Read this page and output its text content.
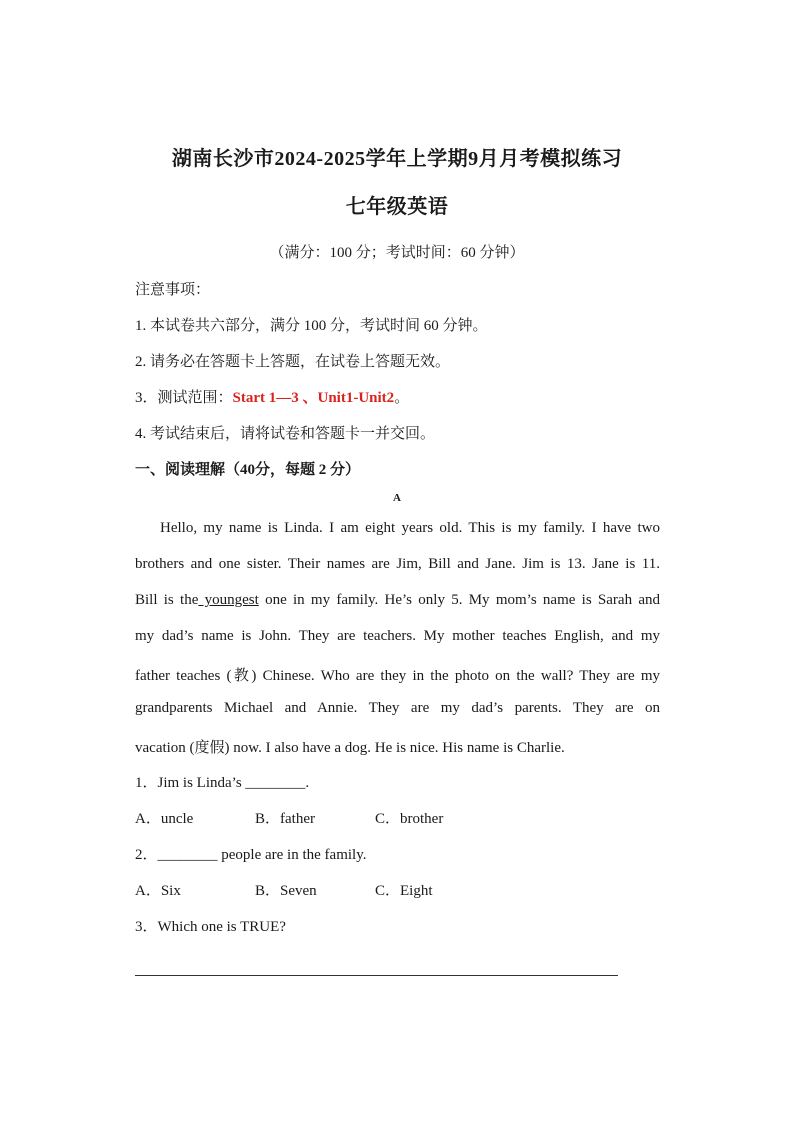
湖南长沙市2024-2025学年上学期9月月考模拟练习
七年级英语
（满分：100 分；考试时间：60 分钟）
注意事项：
1. 本试卷共六部分，满分 100 分，考试时间 60 分钟。
2. 请务必在答题卡上答题，在试卷上答题无效。
3．测试范围：Start 1—3 、Unit1-Unit2。
4. 考试结束后，请将试卷和答题卡一并交回。
一、阅读理解（40分，每题 2 分）
A
Hello, my name is Linda. I am eight years old. This is my family. I have two
brothers and one sister. Their names are Jim, Bill and Jane. Jim is 13. Jane is 11.
Bill is the youngest one in my family. He’s only 5. My mom’s name is Sarah and
my dad’s name is John. They are teachers. My mother teaches English, and my
father teaches (教) Chinese. Who are they in the photo on the wall? They are my
grandparents Michael and Annie. They are my dad’s parents. They are on
vacation (度假) now. I also have a dog. He is nice. His name is Charlie.
1．Jim is Linda’s ________.
A．uncle	B．father	C．brother
2．________ people are in the family.
A．Six	B．Seven	C．Eight
3．Which one is TRUE?
